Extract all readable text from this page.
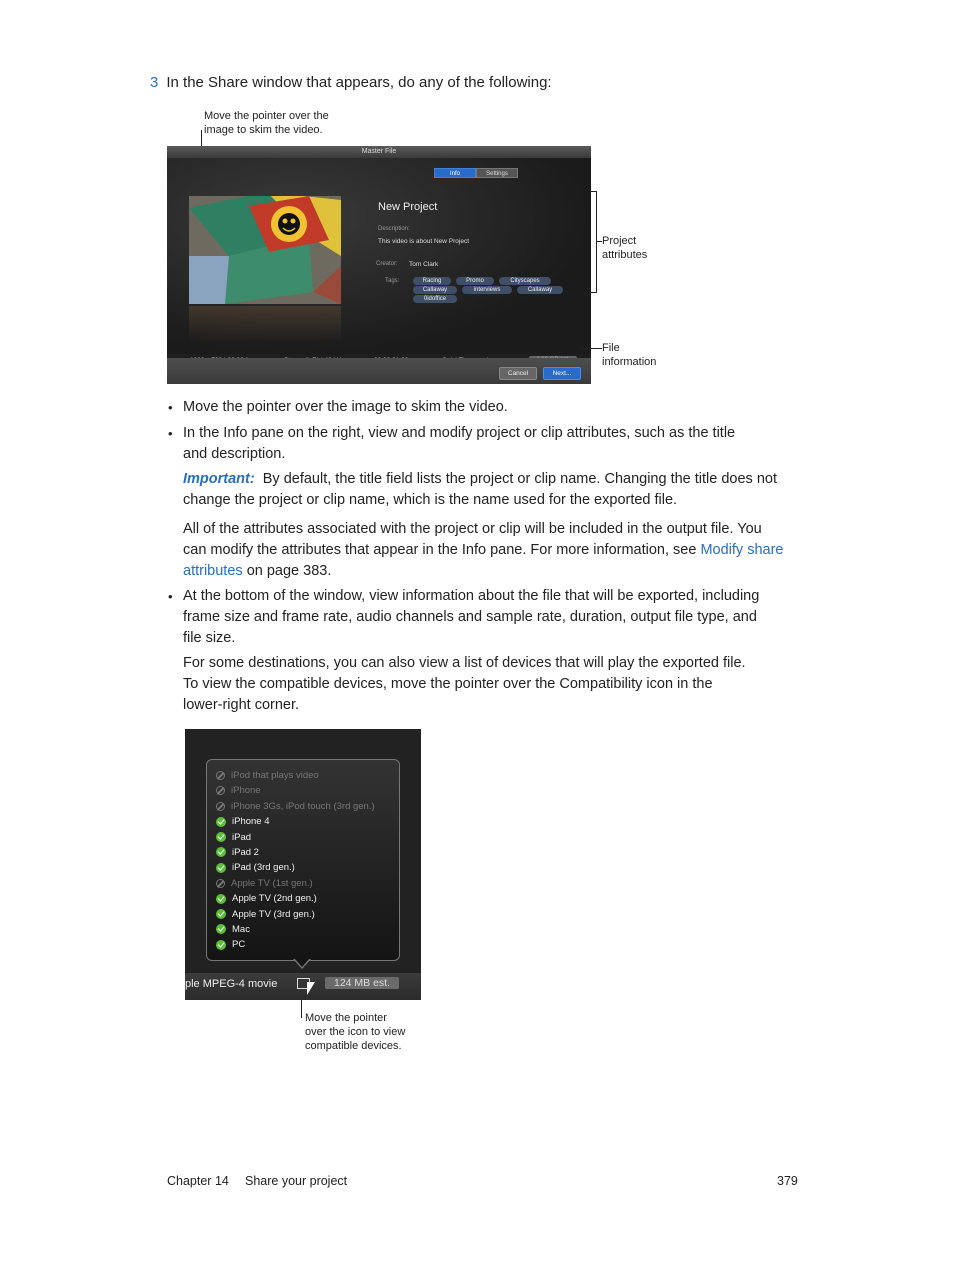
3 In the Share window that appears, do any of the following:
Move the pointer over the
image to skim the video.
Master File
Info	Settings
New Project
Description:
This video is about New Project
Creator: Tom Clark
Tags:	Racing	Promo	Cityscapes
Callaway	interviews	Callaway
0idoffice
Cancel	Next...
Project
attributes
File
information
• Move the pointer over the image to skim the video.
• In the Info pane on the right, view and modify project or clip attributes, such as the title
and description.
Important: By default, the title field lists the project or clip name. Changing the title does not
change the project or clip name, which is the name used for the exported file.
All of the attributes associated with the project or clip will be included in the output file. You
can modify the attributes that appear in the Info pane. For more information, see Modify share
attributes on page 383.
• At the bottom of the window, view information about the file that will be exported, including
frame size and frame rate, audio channels and sample rate, duration, output file type, and
file size.
For some destinations, you can also view a list of devices that will play the exported file.
To view the compatible devices, move the pointer over the Compatibility icon in the
lower-right corner.
iPod that plays video
iPhone
iPhone 3Gs, iPod touch (3rd gen.)
iPhone 4
iPad
iPad 2
iPad (3rd gen.)
Apple TV (1st gen.)
Apple TV (2nd gen.)
Apple TV (3rd gen.)
Mac
PC
ple MPEG-4 movie	124 MB est.
Move the pointer
over the icon to view
compatible devices.
Chapter 14 Share your project	379
